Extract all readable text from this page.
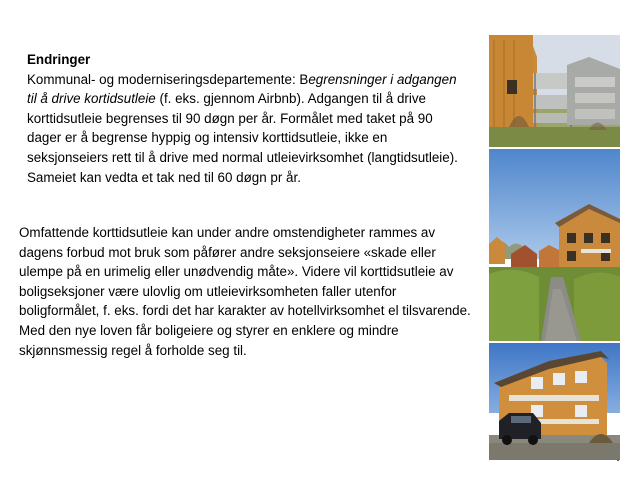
Endringer
Kommunal- og moderniseringsdepartemente: Begrensninger i adgangen til å drive kortidsutleie (f. eks. gjennom Airbnb). Adgangen til å drive korttidsutleie begrenses til 90 døgn per år. Formålet med taket på 90 dager er å begrense hyppig og intensiv korttidsutleie, ikke en seksjonseiers rett til å drive med normal utleievirksomhet (langtidsutleie). Sameiet kan vedta et tak ned til 60 døgn pr år.
Omfattende korttidsutleie kan under andre omstendigheter rammes av dagens forbud mot bruk som påfører andre seksjonseiere «skade eller ulempe på en urimelig eller unødvendig måte». Videre vil korttidsutleie av boligseksjoner være ulovlig om utleievirksomheten faller utenfor boligformålet, f. eks. fordi det har karakter av hotellvirksomhet el tilsvarende. Med den nye loven får boligeiere og styrer en enklere og mindre skjønnsmessig regel å forholde seg til.
